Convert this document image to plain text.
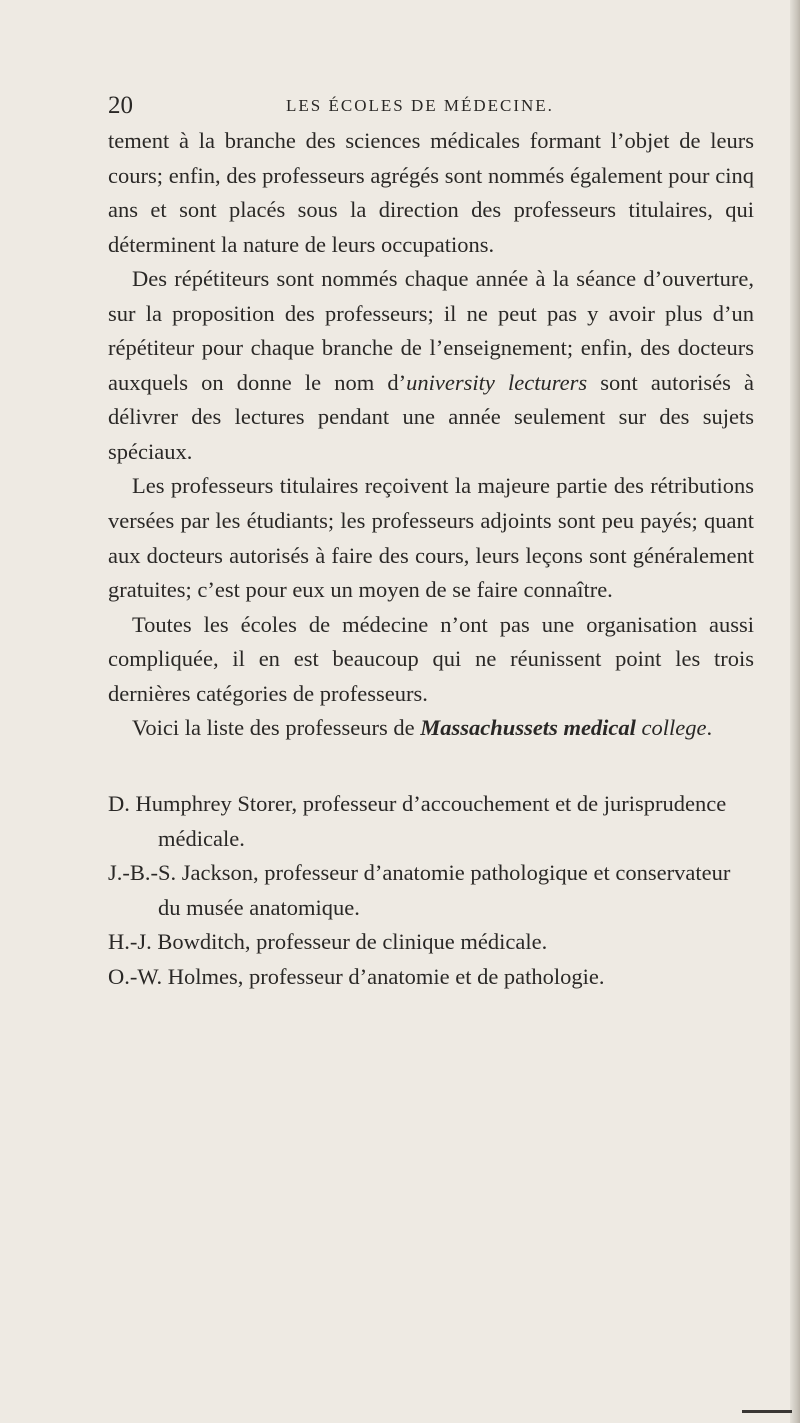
20	LES ÉCOLES DE MÉDECINE.

tement à la branche des sciences médicales formant l’objet de leurs cours; enfin, des professeurs agrégés sont nommés également pour cinq ans et sont placés sous la direction des professeurs titulaires, qui déterminent la nature de leurs occupations.

Des répétiteurs sont nommés chaque année à la séance d’ouverture, sur la proposition des professeurs; il ne peut pas y avoir plus d’un répétiteur pour chaque branche de l’enseignement; enfin, des docteurs auxquels on donne le nom d’university lecturers sont autorisés à délivrer des lectures pendant une année seulement sur des sujets spéciaux.

Les professeurs titulaires reçoivent la majeure partie des rétributions versées par les étudiants; les professeurs adjoints sont peu payés; quant aux docteurs autorisés à faire des cours, leurs leçons sont généralement gratuites; c’est pour eux un moyen de se faire connaître.

Toutes les écoles de médecine n’ont pas une organisation aussi compliquée, il en est beaucoup qui ne réunissent point les trois dernières catégories de professeurs.

Voici la liste des professeurs de Massachussets medical college.

D. Humphrey Storer, professeur d’accouchement et de jurisprudence médicale.

J.-B.-S. Jackson, professeur d’anatomie pathologique et conservateur du musée anatomique.

H.-J. Bowditch, professeur de clinique médicale.

O.-W. Holmes, professeur d’anatomie et de pathologie.
